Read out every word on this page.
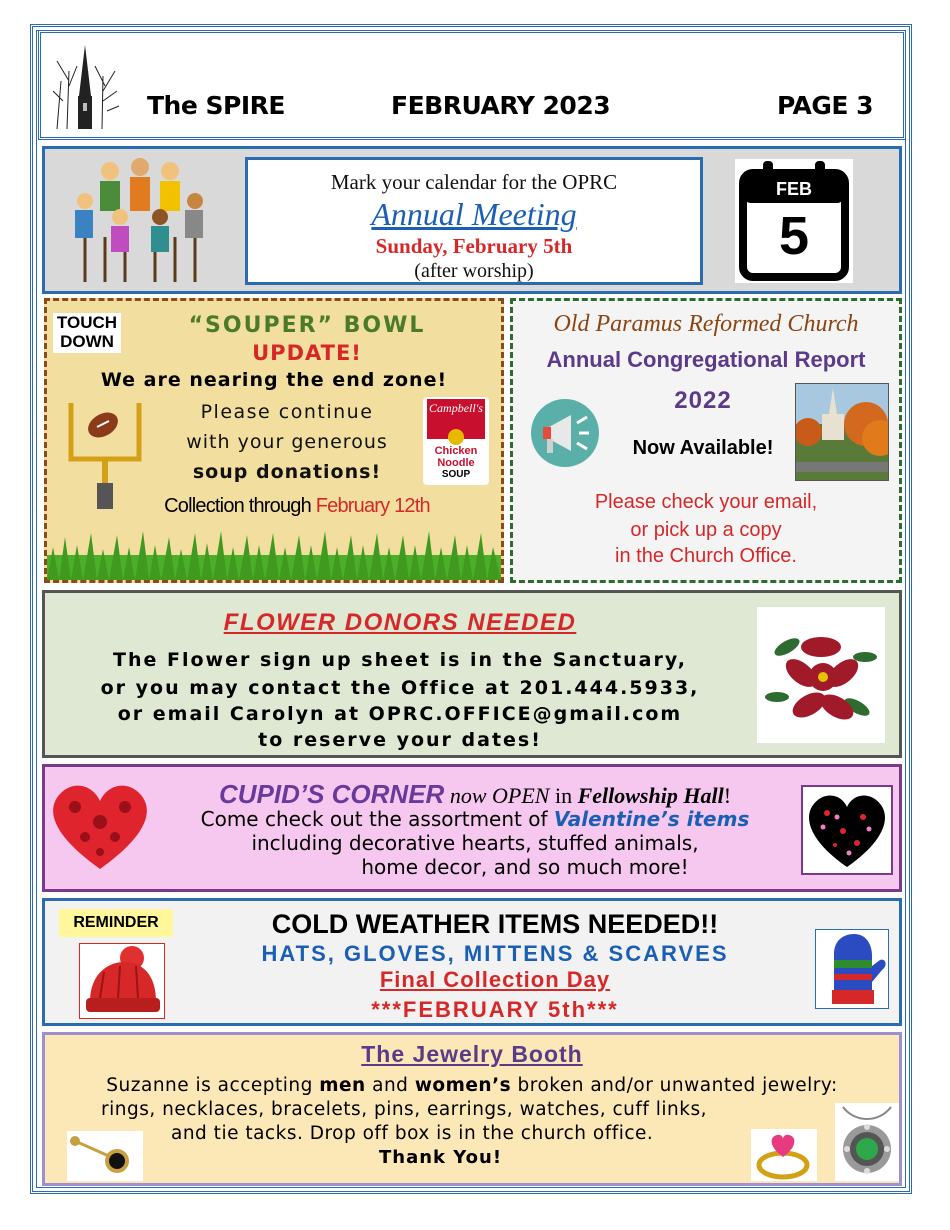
The SPIRE	FEBRUARY 2023	PAGE 3
Mark your calendar for the OPRC
Annual Meeting
Sunday, February 5th
(after worship)
FEB
5
TOUCH
DOWN
“SOUPER” BOWL
UPDATE!
We are nearing the end zone!
Please continue
with your generous
soup donations!
Campbell's
Chicken
Noodle
SOUP
Collection through February 12th
Old Paramus Reformed Church
Annual Congregational Report
2022
Now Available!
Please check your email,
or pick up a copy
in the Church Office.
FLOWER DONORS NEEDED
The Flower sign up sheet is in the Sanctuary,
or you may contact the Office at 201.444.5933,
or email Carolyn at OPRC.OFFICE@gmail.com
to reserve your dates!
CUPID’S CORNER now OPEN in Fellowship Hall!
Come check out the assortment of Valentine’s items
including decorative hearts, stuffed animals,
home decor, and so much more!
REMINDER	COLD WEATHER ITEMS NEEDED!!
HATS, GLOVES, MITTENS & SCARVES
Final Collection Day
***FEBRUARY 5th***
The Jewelry Booth
Suzanne is accepting men and women’s broken and/or unwanted jewelry:
rings, necklaces, bracelets, pins, earrings, watches, cuff links,
and tie tacks. Drop off box is in the church office.
Thank You!
